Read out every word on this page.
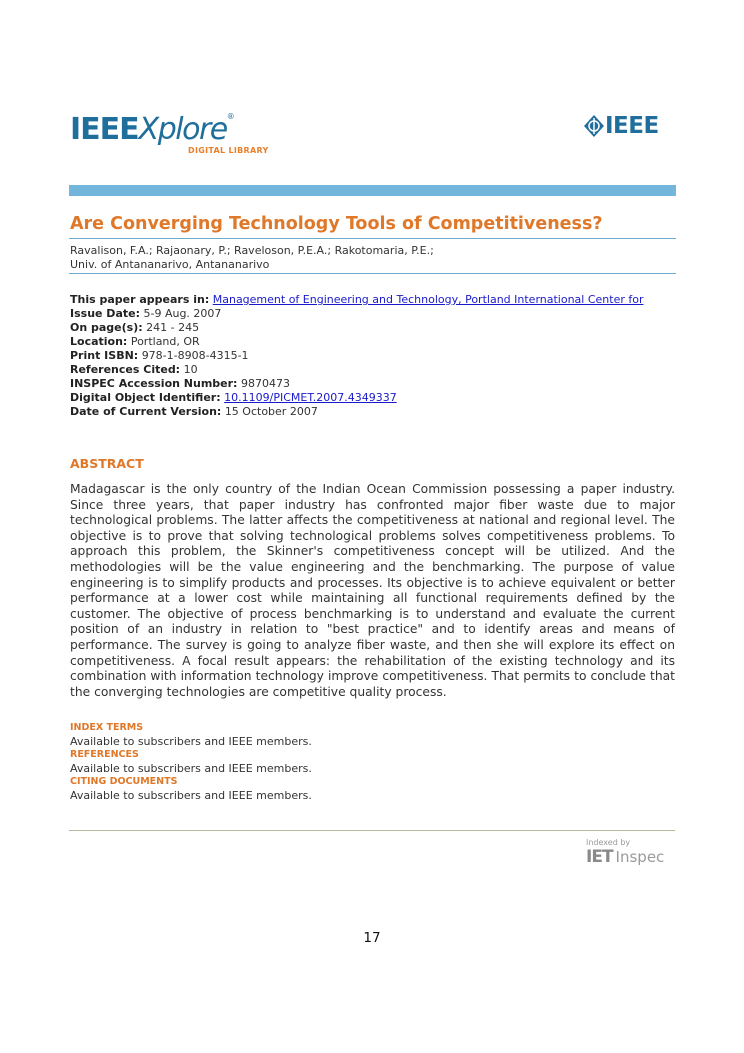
IEEEXplore®
DIGITAL LIBRARY
IEEE
Are Converging Technology Tools of Competitiveness?
Ravalison, F.A.; Rajaonary, P.; Raveloson, P.E.A.; Rakotomaria, P.E.;
Univ. of Antananarivo, Antananarivo
This paper appears in: Management of Engineering and Technology, Portland International Center for
Issue Date: 5-9 Aug. 2007
On page(s): 241 - 245
Location: Portland, OR
Print ISBN: 978-1-8908-4315-1
References Cited: 10
INSPEC Accession Number: 9870473
Digital Object Identifier: 10.1109/PICMET.2007.4349337
Date of Current Version: 15 October 2007
ABSTRACT
Madagascar is the only country of the Indian Ocean Commission possessing a paper industry. Since three years, that paper industry has confronted major fiber waste due to major technological problems. The latter affects the competitiveness at national and regional level. The objective is to prove that solving technological problems solves competitiveness problems. To approach this problem, the Skinner's competitiveness concept will be utilized. And the methodologies will be the value engineering and the benchmarking. The purpose of value engineering is to simplify products and processes. Its objective is to achieve equivalent or better performance at a lower cost while maintaining all functional requirements defined by the customer. The objective of process benchmarking is to understand and evaluate the current position of an industry in relation to "best practice" and to identify areas and means of performance. The survey is going to analyze fiber waste, and then she will explore its effect on competitiveness. A focal result appears: the rehabilitation of the existing technology and its combination with information technology improve competitiveness. That permits to conclude that the converging technologies are competitive quality process.
INDEX TERMS
Available to subscribers and IEEE members.
REFERENCES
Available to subscribers and IEEE members.
CITING DOCUMENTS
Available to subscribers and IEEE members.
Indexed by
IET Inspec
17
